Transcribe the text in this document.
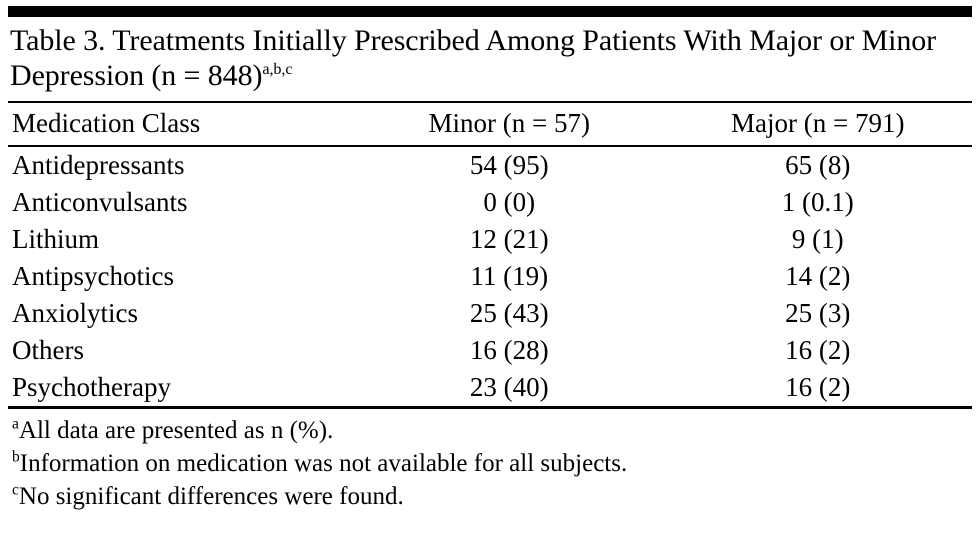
Table 3. Treatments Initially Prescribed Among Patients With Major or Minor Depression (n = 848)$^{a,b,c}$
Medication Class	Minor (n = 57)	Major (n = 791)
Antidepressants	54 (95)	65 (8)
Anticonvulsants	0 (0)	1 (0.1)
Lithium	12 (21)	9 (1)
Antipsychotics	11 (19)	14 (2)
Anxiolytics	25 (43)	25 (3)
Others	16 (28)	16 (2)
Psychotherapy	23 (40)	16 (2)
$^a$All data are presented as n (%).
$^b$Information on medication was not available for all subjects.
$^c$No significant differences were found.
